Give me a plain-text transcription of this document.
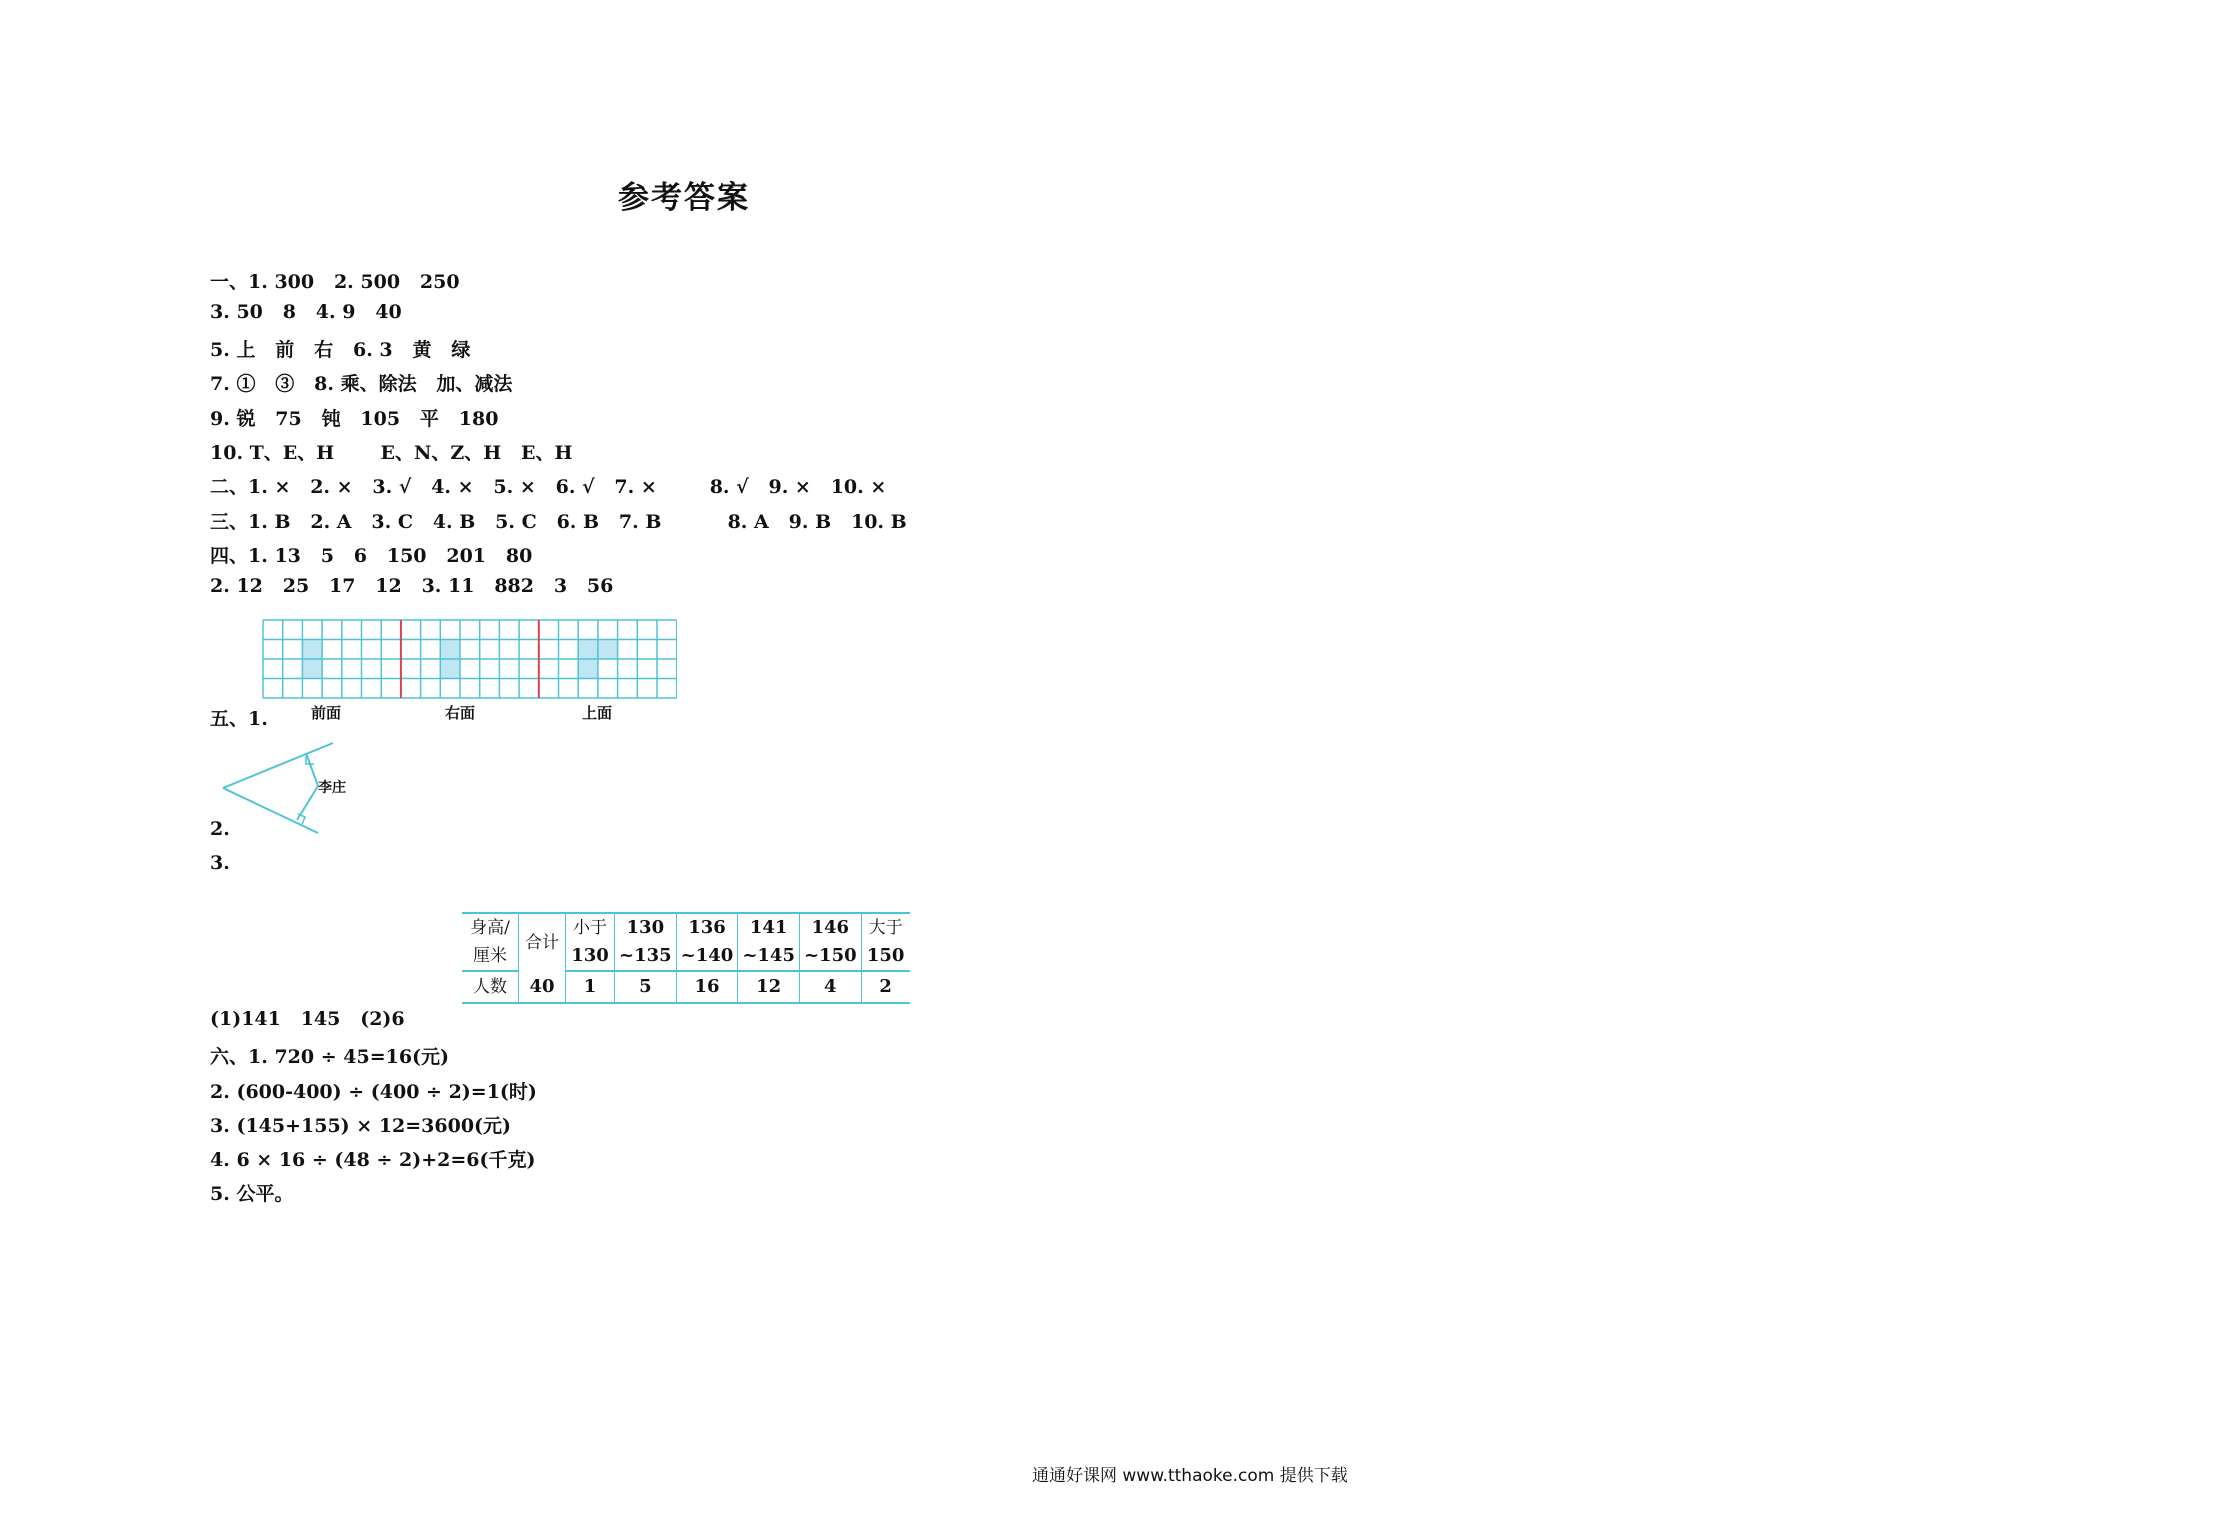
参考答案
一、1. 300   2. 500   250
3. 50   8   4. 9   40
5. 上   前   右   6. 3   黄   绿
7. ①   ③   8. 乘、除法   加、减法
9. 锐   75   钝   105   平   180
10. T、E、H       E、N、Z、H   E、H
二、1. ×   2. ×   3. √   4. ×   5. ×   6. √   7. ×        8. √   9. ×   10. ×
三、1. B   2. A   3. C   4. B   5. C   6. B   7. B          8. A   9. B   10. B
四、1. 13   5   6   150   201   80
2. 12   25   17   12   3. 11   882   3   56
前面	右面	上面
五、1.
李庄
2.
3.
身高/	合计	小于	130	136	141	146	大于
厘米		130	~135	~140	~145	~150	150
人数	40	1	5	16	12	4	2
(1)141   145   (2)6
六、1. 720 ÷ 45=16(元)
2. (600-400) ÷ (400 ÷ 2)=1(时)
3. (145+155) × 12=3600(元)
4. 6 × 16 ÷ (48 ÷ 2)+2=6(千克)
5. 公平。
通通好课网 www.tthaoke.com 提供下载
